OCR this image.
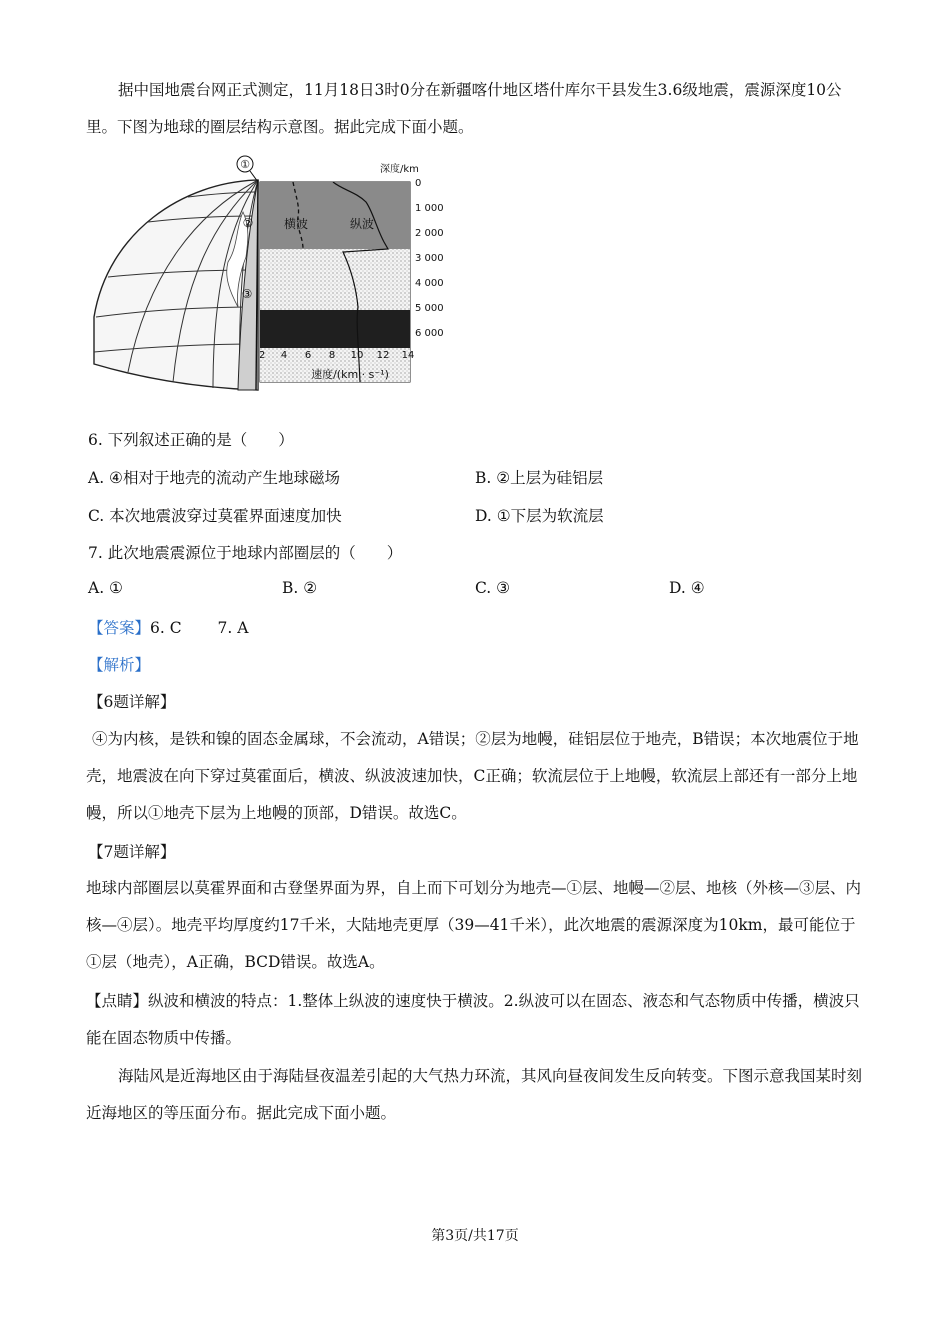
据中国地震台网正式测定，11月18日3时0分在新疆喀什地区塔什库尔干县发生3.6级地震，震源深度10公里。下图为地球的圈层结构示意图。据此完成下面小题。

①
②
③
横波	纵波
深度/km
0
1 000
2 000
3 000
4 000
5 000
6 000
2 4 6 8 10 12 14
速度/(km · s⁻¹)

6. 下列叙述正确的是（　　）

A. ④相对于地壳的流动产生地球磁场	B. ②上层为硅铝层

C. 本次地震波穿过莫霍界面速度加快	D. ①下层为软流层

7. 此次地震震源位于地球内部圈层的（　　）

A. ①	B. ②	C. ③	D. ④

【答案】6. C　　 7. A

【解析】

【6题详解】

④为内核，是铁和镍的固态金属球，不会流动，A错误；②层为地幔，硅铝层位于地壳，B错误；本次地震位于地壳，地震波在向下穿过莫霍面后，横波、纵波波速加快，C正确；软流层位于上地幔，软流层上部还有一部分上地幔，所以①地壳下层为上地幔的顶部，D错误。故选C。

【7题详解】

地球内部圈层以莫霍界面和古登堡界面为界，自上而下可划分为地壳—①层、地幔—②层、地核（外核—③层、内核—④层）。地壳平均厚度约17千米，大陆地壳更厚（39—41千米），此次地震的震源深度为10km，最可能位于①层（地壳），A正确，BCD错误。故选A。

【点睛】纵波和横波的特点：1.整体上纵波的速度快于横波。2.纵波可以在固态、液态和气态物质中传播，横波只能在固态物质中传播。

海陆风是近海地区由于海陆昼夜温差引起的大气热力环流，其风向昼夜间发生反向转变。下图示意我国某时刻近海地区的等压面分布。据此完成下面小题。

第3页/共17页
